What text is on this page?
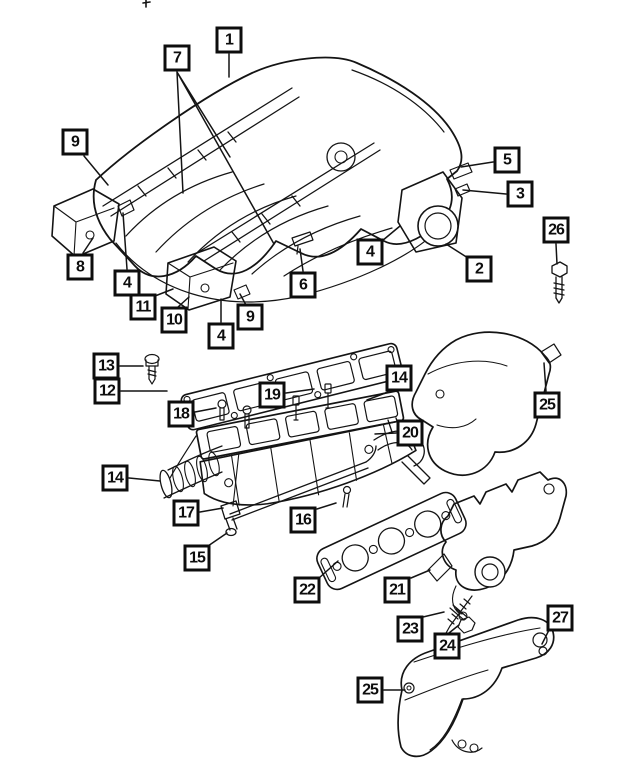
1
7
9
8
4
11
10
4
9
6
4
2
5
3
26
25
13
12
18
19
14
20
14
17
15
16
22	21
23
24
27
25
